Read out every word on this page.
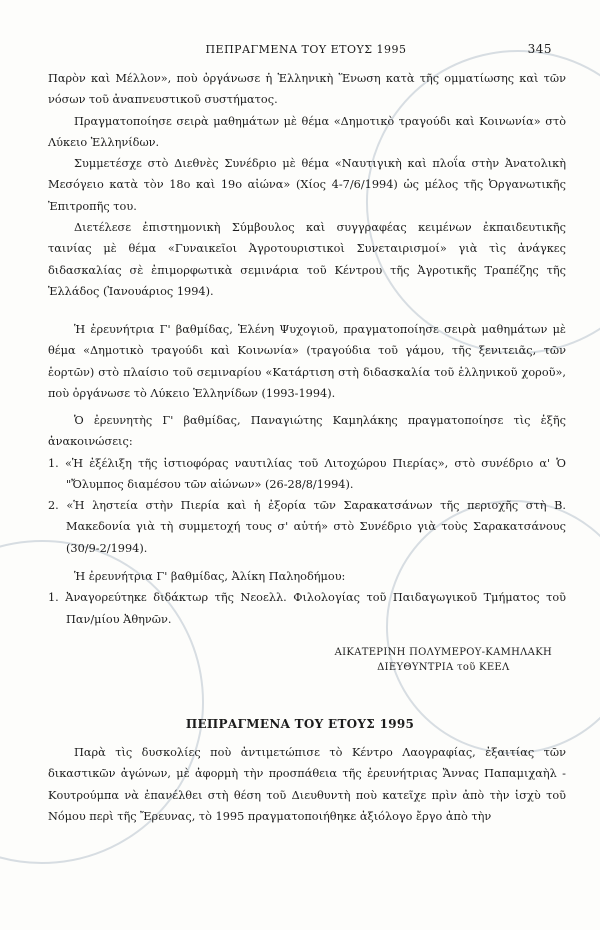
ΠΕΠΡΑΓΜΕΝΑ ΤΟΥ ΕΤΟΥΣ 1995	345

Παρὸν καὶ Μέλλον», ποὺ ὀργάνωσε ἡ Ἑλληνικὴ Ἕνωση κατὰ τῆς ομματίωσης καὶ τῶν νόσων τοῦ ἀναπνευστικοῦ συστήματος.

Πραγματοποίησε σειρὰ μαθημάτων μὲ θέμα «Δημοτικὸ τραγούδι καὶ Κοινωνία» στὸ Λύκειο Ἑλληνίδων.

Συμμετέσχε στὸ Διεθνὲς Συνέδριο μὲ θέμα «Ναυτιγικὴ καὶ πλοΐα στὴν Ἀνατολικὴ Μεσόγειο κατὰ τὸν 18ο καὶ 19ο αἰώνα» (Χίος 4-7/6/1994) ὡς μέλος τῆς Ὀργανωτικῆς Ἐπιτροπῆς του.

Διετέλεσε ἐπιστημονικὴ Σύμβουλος καὶ συγγραφέας κειμένων ἐκπαιδευτικῆς ταινίας μὲ θέμα «Γυναικεῖοι Ἀγροτουριστικοὶ Συνεταιρισμοί» γιὰ τὶς ἀνάγκες διδασκαλίας σὲ ἐπιμορφωτικὰ σεμινάρια τοῦ Κέντρου τῆς Ἀγροτικῆς Τραπέζης τῆς Ἑλλάδος (Ἰανουάριος 1994).

Ἡ ἐρευνήτρια Γ' βαθμίδας, Ἑλένη Ψυχογιοῦ, πραγματοποίησε σειρὰ μαθημάτων μὲ θέμα «Δημοτικὸ τραγούδι καὶ Κοινωνία» (τραγούδια τοῦ γάμου, τῆς ξενιτειᾶς, τῶν ἑορτῶν) στὸ πλαίσιο τοῦ σεμιναρίου «Κατάρτιση στὴ διδασκαλία τοῦ ἑλληνικοῦ χοροῦ», ποὺ ὀργάνωσε τὸ Λύκειο Ἑλληνίδων (1993-1994).

Ὁ ἐρευνητὴς Γ' βαθμίδας, Παναγιώτης Καμηλάκης πραγματοποίησε τὶς ἑξῆς ἀνακοινώσεις:

1. «Ἡ ἐξέλιξη τῆς ἱστιοφόρας ναυτιλίας τοῦ Λιτοχώρου Πιερίας», στὸ συνέδριο α' Ὁ "Ὄλυμπος διαμέσου τῶν αἰώνων» (26-28/8/1994).

2. «Ἡ ληστεία στὴν Πιερία καὶ ἡ ἐξορία τῶν Σαρακατσάνων τῆς περιοχῆς στὴ Β. Μακεδονία γιὰ τὴ συμμετοχή τους σ' αὐτή» στὸ Συνέδριο γιὰ τοὺς Σαρακατσάνους (30/9-2/1994).

Ἡ ἐρευνήτρια Γ' βαθμίδας, Ἀλίκη Παληοδήμου:

1. Ἀναγορεύτηκε διδάκτωρ τῆς Νεοελλ. Φιλολογίας τοῦ Παιδαγωγικοῦ Τμήματος τοῦ Παν/μίου Ἀθηνῶν.

ΑΙΚΑΤΕΡΙΝΗ ΠΟΛΥΜΕΡΟΥ-ΚΑΜΗΛΑΚΗ
ΔΙΕΥΘΥΝΤΡΙΑ τοῦ ΚΕΕΛ
ΠΕΠΡΑΓΜΕΝΑ ΤΟΥ ΕΤΟΥΣ 1995

Παρὰ τὶς δυσκολίες ποὺ ἀντιμετώπισε τὸ Κέντρο Λαογραφίας, ἐξαιτίας τῶν δικαστικῶν ἀγώνων, μὲ ἀφορμὴ τὴν προσπάθεια τῆς ἐρευνήτριας Ἄννας Παπαμιχαὴλ - Κουτρούμπα νὰ ἐπανέλθει στὴ θέση τοῦ Διευθυντὴ ποὺ κατεῖχε πρὶν ἀπὸ τὴν ἰσχὺ τοῦ Νόμου περὶ τῆς Ἔρευνας, τὸ 1995 πραγματοποιήθηκε ἀξιόλογο ἔργο ἀπὸ τὴν
